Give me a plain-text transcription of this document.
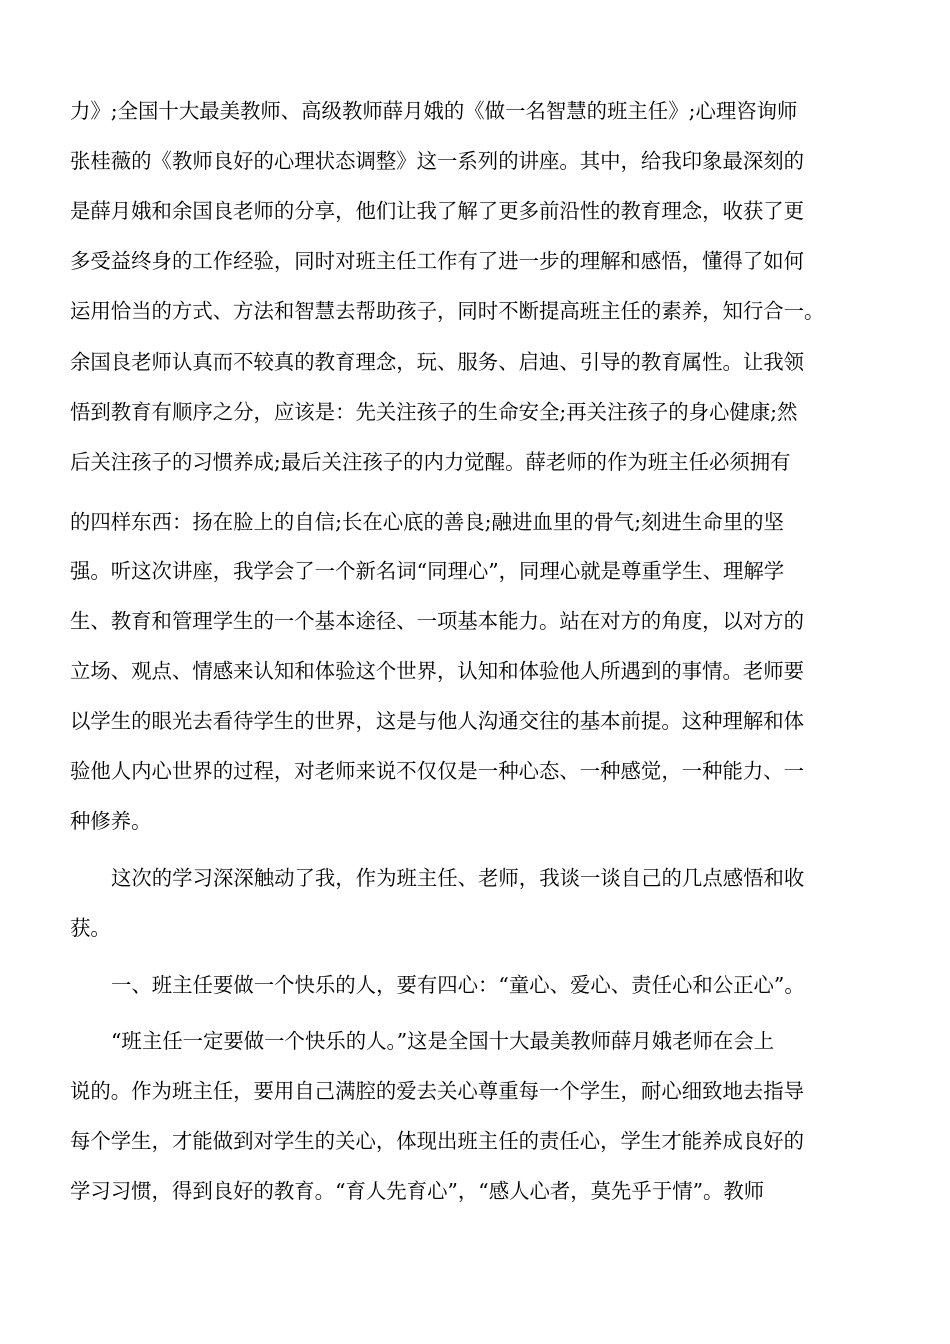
力》;全国十大最美教师、高级教师薛月娥的《做一名智慧的班主任》;心理咨询师
张桂薇的《教师良好的心理状态调整》这一系列的讲座。其中，给我印象最深刻的
是薛月娥和余国良老师的分享，他们让我了解了更多前沿性的教育理念，收获了更
多受益终身的工作经验，同时对班主任工作有了进一步的理解和感悟，懂得了如何
运用恰当的方式、方法和智慧去帮助孩子，同时不断提高班主任的素养，知行合一。
余国良老师认真而不较真的教育理念，玩、服务、启迪、引导的教育属性。让我领
悟到教育有顺序之分，应该是：先关注孩子的生命安全;再关注孩子的身心健康;然
后关注孩子的习惯养成;最后关注孩子的内力觉醒。薛老师的作为班主任必须拥有
的四样东西：扬在脸上的自信;长在心底的善良;融进血里的骨气;刻进生命里的坚
强。听这次讲座，我学会了一个新名词“同理心”，同理心就是尊重学生、理解学
生、教育和管理学生的一个基本途径、一项基本能力。站在对方的角度，以对方的
立场、观点、情感来认知和体验这个世界，认知和体验他人所遇到的事情。老师要
以学生的眼光去看待学生的世界，这是与他人沟通交往的基本前提。这种理解和体
验他人内心世界的过程，对老师来说不仅仅是一种心态、一种感觉，一种能力、一
种修养。
这次的学习深深触动了我，作为班主任、老师，我谈一谈自己的几点感悟和收
获。
一、班主任要做一个快乐的人，要有四心：“童心、爱心、责任心和公正心”。
“班主任一定要做一个快乐的人。”这是全国十大最美教师薛月娥老师在会上
说的。作为班主任，要用自己满腔的爱去关心尊重每一个学生，耐心细致地去指导
每个学生，才能做到对学生的关心，体现出班主任的责任心，学生才能养成良好的
学习习惯，得到良好的教育。“育人先育心”，“感人心者，莫先乎于情”。教师
